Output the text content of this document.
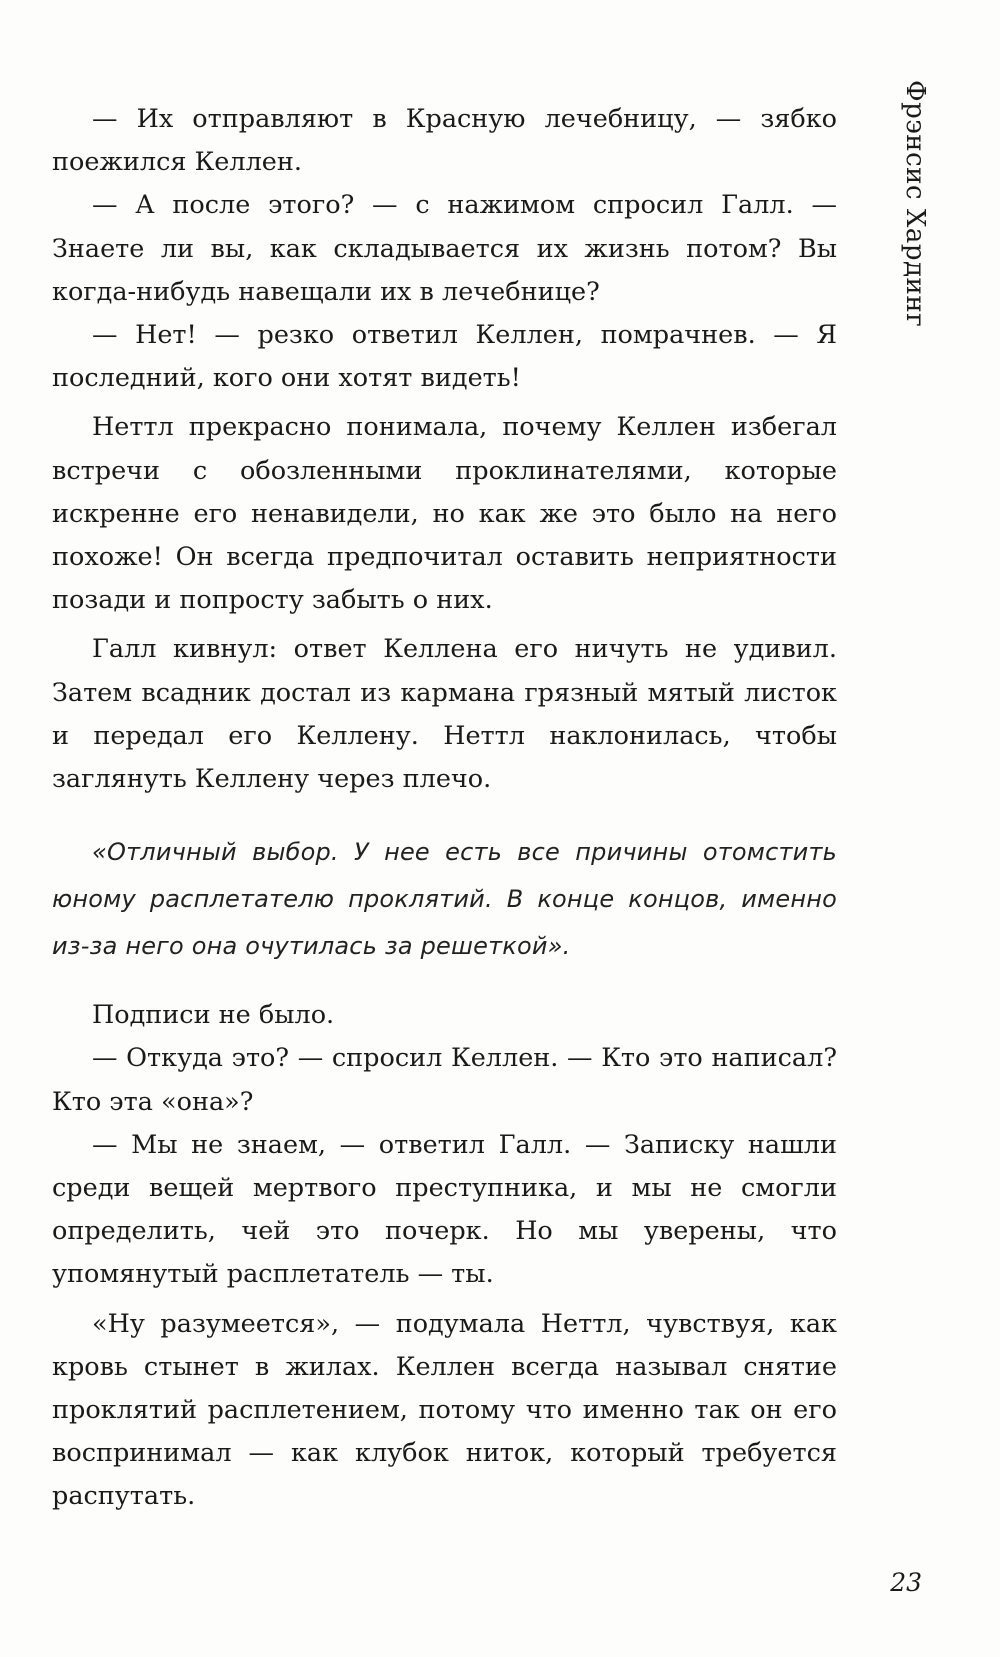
Фрэнсис Хардинг

— Их отправляют в Красную лечебницу, — зябко поежился Келлен.

— А после этого? — с нажимом спросил Галл. — Знаете ли вы, как складывается их жизнь потом? Вы когда-нибудь навещали их в лечебнице?

— Нет! — резко ответил Келлен, помрачнев. — Я последний, кого они хотят видеть!

Неттл прекрасно понимала, почему Келлен избегал встречи с обозленными проклинателями, которые искренне его ненавидели, но как же это было на него похоже! Он всегда предпочитал оставить неприятности позади и попросту забыть о них.

Галл кивнул: ответ Келлена его ничуть не удивил. Затем всадник достал из кармана грязный мятый листок и передал его Келлену. Неттл наклонилась, чтобы заглянуть Келлену через плечо.

«Отличный выбор. У нее есть все причины отомстить юному расплетателю проклятий. В конце концов, именно из-за него она очутилась за решеткой».

Подписи не было.

— Откуда это? — спросил Келлен. — Кто это написал? Кто эта «она»?

— Мы не знаем, — ответил Галл. — Записку нашли среди вещей мертвого преступника, и мы не смогли определить, чей это почерк. Но мы уверены, что упомянутый расплетатель — ты.

«Ну разумеется», — подумала Неттл, чувствуя, как кровь стынет в жилах. Келлен всегда называл снятие проклятий расплетением, потому что именно так он его воспринимал — как клубок ниток, который требуется распутать.

23
